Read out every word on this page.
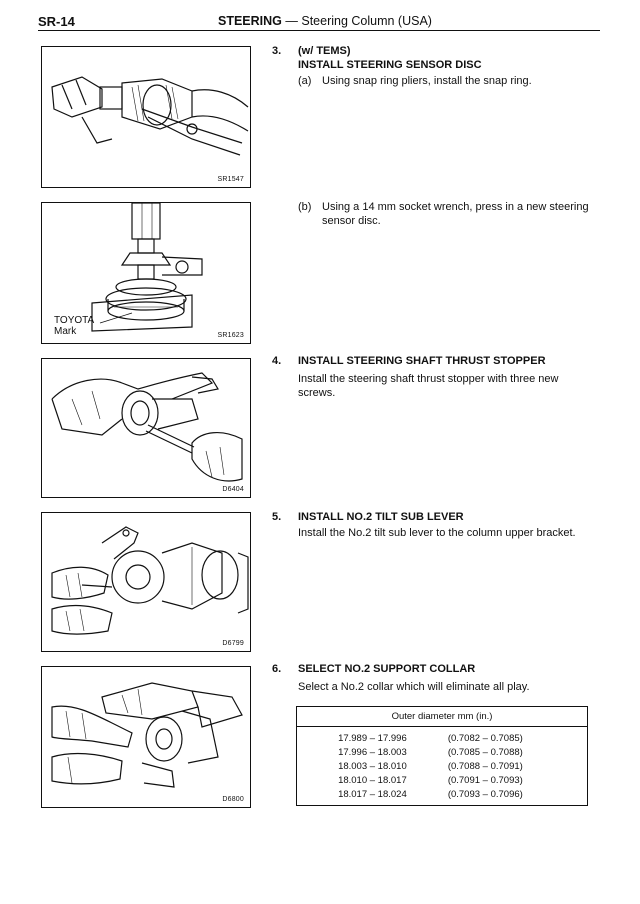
SR-14	STEERING — Steering Column (USA)
SR1547
TOYOTA
Mark	SR1623
D6404
D6799
D6800
3. (w/ TEMS)
INSTALL STEERING SENSOR DISC
(a) Using snap ring pliers, install the snap ring.
(b) Using a 14 mm socket wrench, press in a new steering sensor disc.
4. INSTALL STEERING SHAFT THRUST STOPPER
Install the steering shaft thrust stopper with three new screws.
5. INSTALL NO.2 TILT SUB LEVER
Install the No.2 tilt sub lever to the column upper bracket.
6. SELECT NO.2 SUPPORT COLLAR
Select a No.2 collar which will eliminate all play.
Outer diameter mm (in.)	
17.989 – 17.996	(0.7082 – 0.7085)
17.996 – 18.003	(0.7085 – 0.7088)
18.003 – 18.010	(0.7088 – 0.7091)
18.010 – 18.017	(0.7091 – 0.7093)
18.017 – 18.024	(0.7093 – 0.7096)
